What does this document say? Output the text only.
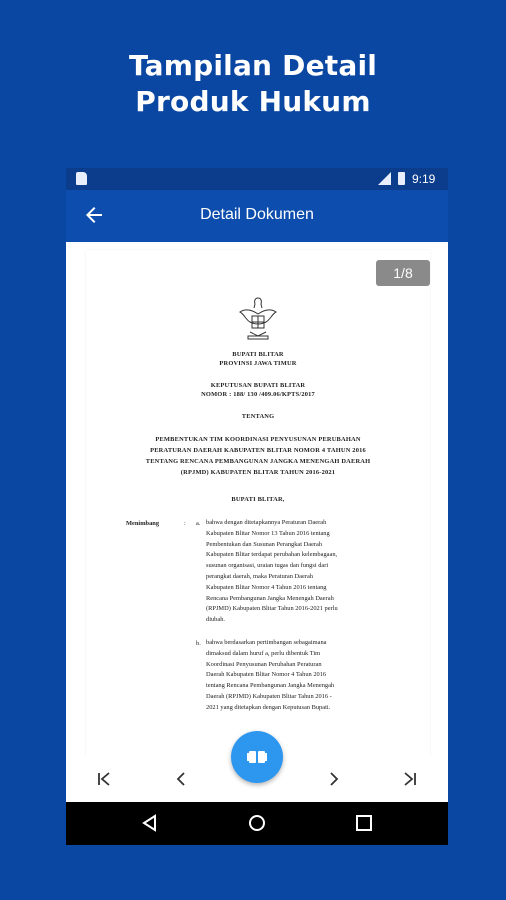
Tampilan Detail
Produk Hukum
9:19
Detail Dokumen
BUPATI BLITAR
PROVINSI JAWA TIMUR
KEPUTUSAN BUPATI BLITAR
NOMOR : 188/ 130 /409.06/KPTS/2017
TENTANG
PEMBENTUKAN TIM KOORDINASI PENYUSUNAN PERUBAHAN
PERATURAN DAERAH KABUPATEN BLITAR NOMOR 4 TAHUN 2016
TENTANG RENCANA PEMBANGUNAN JANGKA MENENGAH DAERAH
(RPJMD) KABUPATEN BLITAR TAHUN 2016-2021
BUPATI BLITAR,
Menimbang	: a. bahwa dengan ditetapkannya Peraturan Daerah
Kabupaten Blitar Nomor 13 Tahun 2016 tentang
Pembentukan dan Susunan Perangkat Daerah
Kabupaten Blitar terdapat perubahan kelembagaan,
susunan organisasi, uraian tugas dan fungsi dari
perangkat daerah, maka Peraturan Daerah
Kabupaten Blitar Nomor 4 Tahun 2016 tentang
Rencana Pembangunan Jangka Menengah Daerah
(RPJMD) Kabupaten Blitar Tahun 2016-2021 perlu
diubah.
b. bahwa berdasarkan pertimbangan sebagaimana
dimaksud dalam huruf a, perlu dibentuk Tim
Koordinasi Penyusunan Perubahan Peraturan
Daerah Kabupaten Blitar Nomor 4 Tahun 2016
tentang Rencana Pembangunan Jangka Menengah
Daerah (RPJMD) Kabupaten Blitar Tahun 2016 -
2021 yang ditetapkan dengan Keputusan Bupati.
1/8
